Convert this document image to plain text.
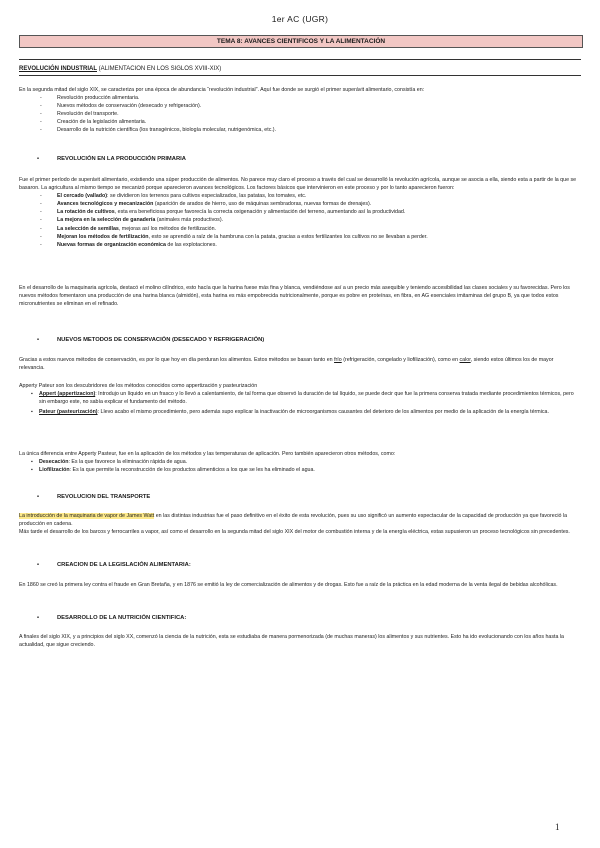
1er AC (UGR)
TEMA 8: AVANCES CIENTIFICOS Y LA ALIMENTACIÓN
REVOLUCIÓN INDUSTRIAL (ALIMENTACION EN LOS SIGLOS XVIII-XIX)

En la segunda mitad del siglo XIX, se caracteriza por una época de abundancia “revolución industrial”. Aquí fue donde se surgió el primer superávit alimentario, consistía en:

- Revolución producción alimentaria.
- Nuevos métodos de conservación (desecado y refrigeración).
- Revolución del transporte.
- Creación de la legislación alimentaria.
- Desarrollo de la nutrición científica (los transgénicos, biología molecular, nutrigenómica, etc.).
•	REVOLUCIÓN EN LA PRODUCCIÓN PRIMARIA

Fue el primer período de superávit alimentario, existiendo una súper producción de alimentos. No parece muy claro el proceso a través del cual se desarrolló la revolución agrícola, aunque se asocia a ella, siendo esta a partir de la que se basaron. La agricultura al mismo tiempo se mecanizó porque aparecieron avances tecnológicos. Los factores básicos que intervinieron en este proceso y por lo tanto aparecieron fueron:

- El cercado (vallado): se dividieron los terrenos para cultivos especializados, las patatas, los tomates, etc.
- Avances tecnológicos y mecanización (aparición de arados de hierro, uso de máquinas sembradoras, nuevas formas de drenajes).
- La rotación de cultivos, esta era beneficiosa porque favorecía la correcta oxigenación y alimentación del terreno, aumentando así la productividad.
- La mejora en la selección de ganadería (animales más productivos).
- La selección de semillas, mejoras así los métodos de fertilización.
- Mejoran los métodos de fertilización, esto se aprendió a raíz de la hambruna con la patata, gracias a estos fertilizantes los cultivos no se llevaban a perder.
- Nuevas formas de organización económica de las explotaciones.
En el desarrollo de la maquinaria agrícola, destacó el molino cilíndrico, esto hacía que la harina fuese más fina y blanca, vendiéndose así a un precio más asequible y teniendo accesibilidad las clases sociales y su favorecidas. Pero los nuevos métodos fomentaron una producción de una harina blanca (almidón), esta harina es más empobrecida nutricionalmente, porque es pobre en proteínas, en fibra, en AG esenciales imitaminas del grupo B, ya que todos estos micronutrientes se eliminan en el refinado.
•	NUEVOS METODOS DE CONSERVACIÓN (DESECADO Y REFRIGERACIÓN)
Gracias a estos nuevos métodos de conservación, es por lo que hoy en día perduran los alimentos. Estos métodos se basan tanto en frío (refrigeración, congelado y liofilización), como en calor, siendo estos últimos los de mayor relevancia.

Apperty Pateur son los descubridores de los métodos conocidos como appertización y pasteurización

▪ Appert (appertizacion): Introdujo un líquido en un frasco y lo llevó a calentamiento, de tal forma que observó la duración de tal líquido, se puede decir que fue la primera conserva tratada mediante procedimientos térmicos, pero sin embargo este, no sabía explicar el fundamento del método.
▪ Pateur (pasteurización): Llevo acabo el mismo procedimiento, pero además supo explicar la inactivación de microorganismos causantes del deterioro de los alimentos por medio de la aplicación de la energía térmica.

La única diferencia entre Apperty Pasteur, fue en la aplicación de los métodos y las temperaturas de aplicación. Pero también aparecieron otros métodos, como:

▪ Desecación: Es la que favorece la eliminación rápida de agua.
▪ Liofilización: Es la que permite la reconstrucción de los productos alimenticios a los que se les ha eliminado el agua.
•	REVOLUCION DEL TRANSPORTE

La introducción de la maquinaria de vapor de James Watt en las distintas industrias fue el paso definitivo en el éxito de esta revolución, pues su uso significó un aumento espectacular de la capacidad de producción ya que favoreció la producción en cadena.

Más tarde el desarrollo de los barcos y ferrocarriles a vapor, así como el desarrollo en la segunda mitad del siglo XIX del motor de combustión interna y de la energía eléctrica, estas supusieron un proceso tecnológicos sin precedentes.

•	CREACION DE LA LEGISLACIÓN ALIMENTARIA:
En 1860 se creó la primera ley contra el fraude en Gran Bretaña, y en 1876 se emitió la ley de comercialización de alimentos y de drogas. Esto fue a raíz de la práctica en la edad moderna de la venta ilegal de bebidas alcohólicas.
•	DESARROLLO DE LA NUTRICIÓN CIENTIFICA:
A finales del siglo XIX, y a principios del siglo XX, comenzó la ciencia de la nutrición, esta se estudiaba de manera pormenorizada (de muchas maneras) los alimentos y sus nutrientes. Esto ha ido evolucionando con los años hasta la actualidad, que sigue creciendo.
1
